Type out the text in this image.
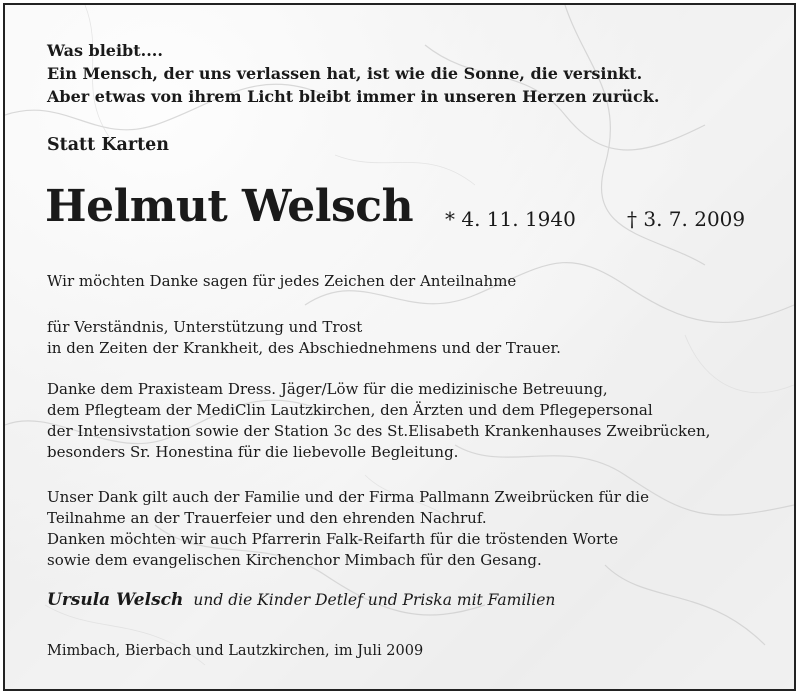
Was bleibt....
Ein Mensch, der uns verlassen hat, ist wie die Sonne, die versinkt.
Aber etwas von ihrem Licht bleibt immer in unseren Herzen zurück.
Statt Karten
Helmut Welsch * 4. 11. 1940	† 3. 7. 2009
Wir möchten Danke sagen für jedes Zeichen der Anteilnahme
für Verständnis, Unterstützung und Trost
in den Zeiten der Krankheit, des Abschiednehmens und der Trauer.
Danke dem Praxisteam Dress. Jäger/Löw für die medizinische Betreuung,
dem Pflegteam der MediClin Lautzkirchen, den Ärzten und dem Pflegepersonal
der Intensivstation sowie der Station 3c des St.Elisabeth Krankenhauses Zweibrücken,
besonders Sr. Honestina für die liebevolle Begleitung.
Unser Dank gilt auch der Familie und der Firma Pallmann Zweibrücken für die
Teilnahme an der Trauerfeier und den ehrenden Nachruf.
Danken möchten wir auch Pfarrerin Falk-Reifarth für die tröstenden Worte
sowie dem evangelischen Kirchenchor Mimbach für den Gesang.
Ursula Welsch und die Kinder Detlef und Priska mit Familien
Mimbach, Bierbach und Lautzkirchen, im Juli 2009
